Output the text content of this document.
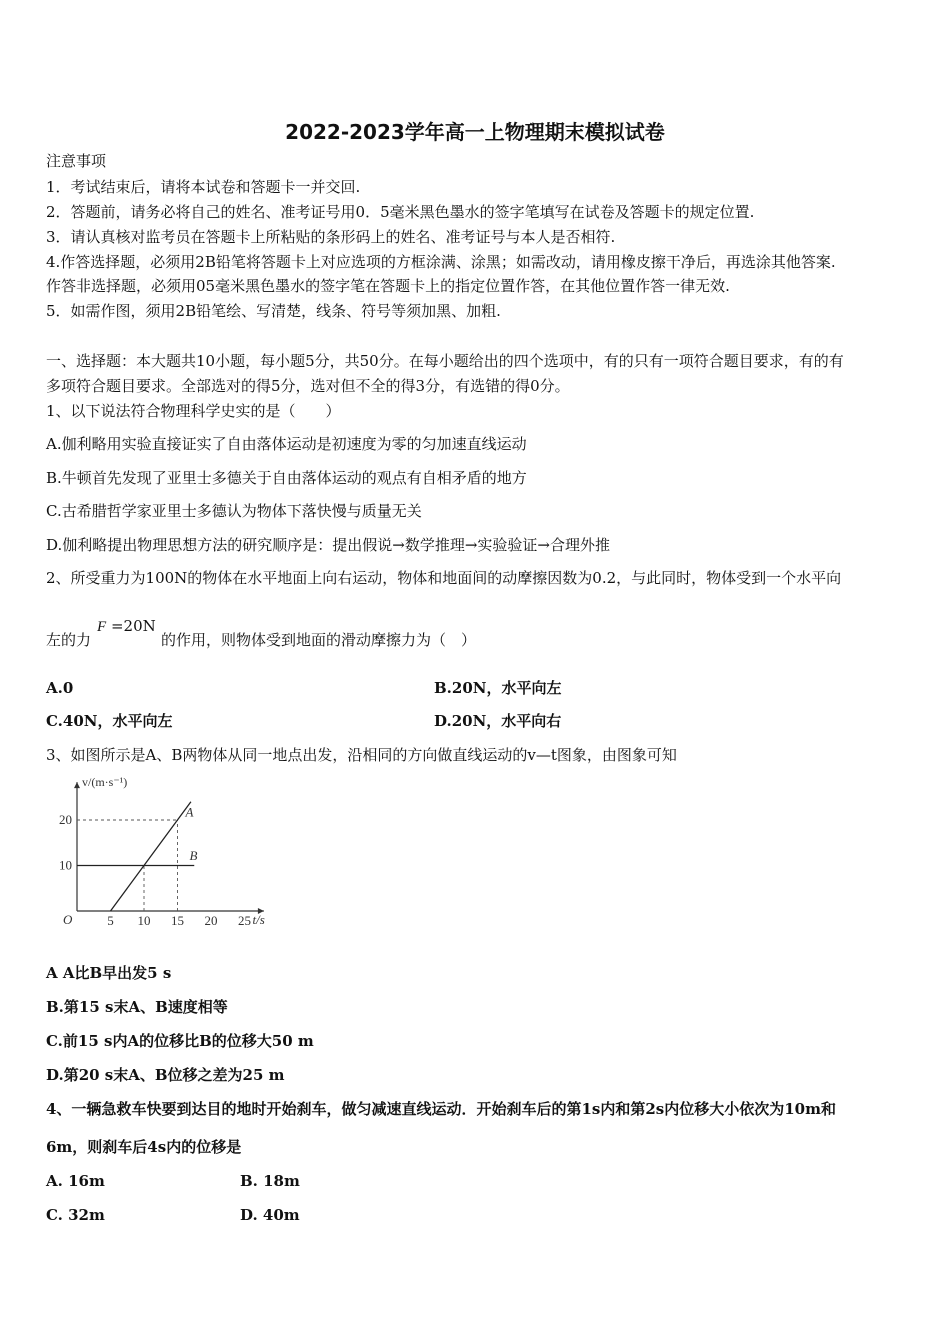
2022-2023学年高一上物理期末模拟试卷
注意事项
1．考试结束后，请将本试卷和答题卡一并交回.
2．答题前，请务必将自己的姓名、准考证号用0．5毫米黑色墨水的签字笔填写在试卷及答题卡的规定位置.
3．请认真核对监考员在答题卡上所粘贴的条形码上的姓名、准考证号与本人是否相符.
4.作答选择题，必须用2B铅笔将答题卡上对应选项的方框涂满、涂黑；如需改动，请用橡皮擦干净后，再选涂其他答案.
作答非选择题，必须用05毫米黑色墨水的签字笔在答题卡上的指定位置作答，在其他位置作答一律无效.
5．如需作图，须用2B铅笔绘、写清楚，线条、符号等须加黑、加粗.
一、选择题：本大题共10小题，每小题5分，共50分。在每小题给出的四个选项中，有的只有一项符合题目要求，有的有
多项符合题目要求。全部选对的得5分，选对但不全的得3分，有选错的得0分。
1、以下说法符合物理科学史实的是（　　）
A.伽利略用实验直接证实了自由落体运动是初速度为零的匀加速直线运动
B.牛顿首先发现了亚里士多德关于自由落体运动的观点有自相矛盾的地方
C.古希腊哲学家亚里士多德认为物体下落快慢与质量无关
D.伽利略提出物理思想方法的研究顺序是：提出假说→数学推理→实验验证→合理外推
2、所受重力为100N的物体在水平地面上向右运动，物体和地面间的动摩擦因数为0.2，与此同时，物体受到一个水平向
左的力
F =20N
的作用，则物体受到地面的滑动摩擦力为（　）
A.0	B.20N，水平向左
C.40N，水平向左	D.20N，水平向右
3、如图所示是A、B两物体从同一地点出发，沿相同的方向做直线运动的v—t图象，由图象可知
v/(m·s⁻¹)
t/s
O	5 10 15 20 25
10
20
A
B
A A比B早出发5 s
B.第15 s末A、B速度相等
C.前15 s内A的位移比B的位移大50 m
D.第20 s末A、B位移之差为25 m
4、一辆急救车快要到达目的地时开始刹车，做匀减速直线运动．开始刹车后的第1s内和第2s内位移大小依次为10m和
6m，则刹车后4s内的位移是
A. 16m	B. 18m
C. 32m	D. 40m
